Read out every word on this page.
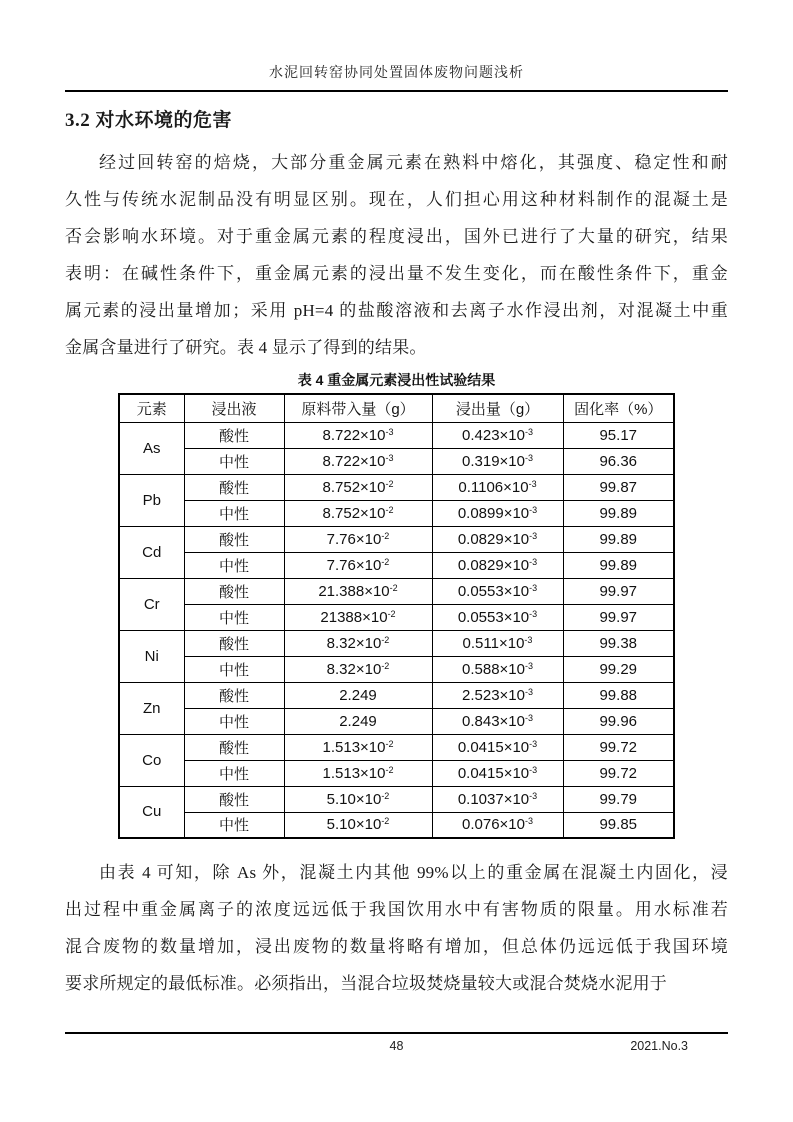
水泥回转窑协同处置固体废物问题浅析
3.2 对水环境的危害
经过回转窑的焙烧，大部分重金属元素在熟料中熔化，其强度、稳定性和耐
久性与传统水泥制品没有明显区别。现在，人们担心用这种材料制作的混凝土是
否会影响水环境。对于重金属元素的程度浸出，国外已进行了大量的研究，结果
表明：在碱性条件下，重金属元素的浸出量不发生变化，而在酸性条件下，重金
属元素的浸出量增加；采用 pH=4 的盐酸溶液和去离子水作浸出剂，对混凝土中重
金属含量进行了研究。表 4 显示了得到的结果。
表 4 重金属元素浸出性试验结果
元素	浸出液	原料带入量（g）	浸出量（g）	固化率（%）
As	酸性	$8.722\times 10^{-3}$	$0.423\times 10^{-3}$	95.17
	中性	$8.722\times 10^{-3}$	$0.319\times 10^{-3}$	96.36
Pb	酸性	$8.752\times 10^{-2}$	$0.1106\times 10^{-3}$	99.87
	中性	$8.752\times 10^{-2}$	$0.0899\times 10^{-3}$	99.89
Cd	酸性	$7.76\times 10^{-2}$	$0.0829\times 10^{-3}$	99.89
	中性	$7.76\times 10^{-2}$	$0.0829\times 10^{-3}$	99.89
Cr	酸性	$21.388\times 10^{-2}$	$0.0553\times 10^{-3}$	99.97
	中性	$21388\times 10^{-2}$	$0.0553\times 10^{-3}$	99.97
Ni	酸性	$8.32\times 10^{-2}$	$0.511\times 10^{-3}$	99.38
	中性	$8.32\times 10^{-2}$	$0.588\times 10^{-3}$	99.29
Zn	酸性	2.249	$2.523\times 10^{-3}$	99.88
	中性	2.249	$0.843\times 10^{-3}$	99.96
Co	酸性	$1.513\times 10^{-2}$	$0.0415\times 10^{-3}$	99.72
	中性	$1.513\times 10^{-2}$	$0.0415\times 10^{-3}$	99.72
Cu	酸性	$5.10\times 10^{-2}$	$0.1037\times 10^{-3}$	99.79
	中性	$5.10\times 10^{-2}$	$0.076\times 10^{-3}$	99.85
由表 4 可知，除 As 外，混凝土内其他 99%以上的重金属在混凝土内固化，浸
出过程中重金属离子的浓度远远低于我国饮用水中有害物质的限量。用水标准若
混合废物的数量增加，浸出废物的数量将略有增加，但总体仍远远低于我国环境
要求所规定的最低标准。必须指出，当混合垃圾焚烧量较大或混合焚烧水泥用于
48	2021.No.3
